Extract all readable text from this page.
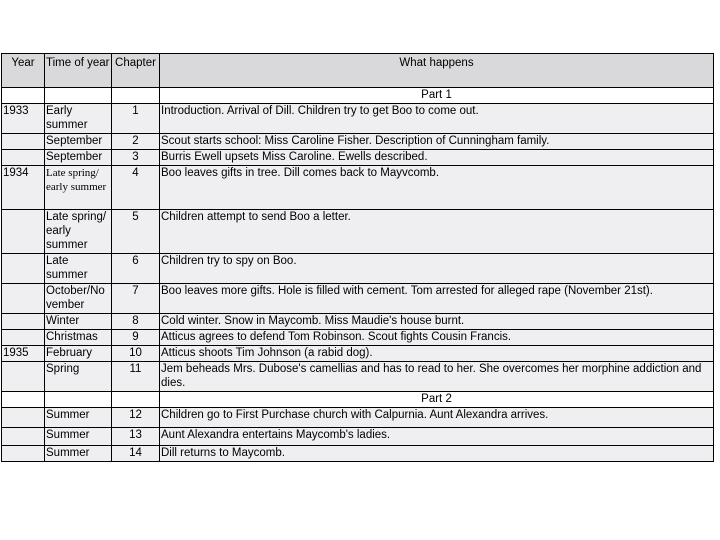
Year	Time of year	Chapter	What happens
			Part 1
1933	Early summer	1	Introduction. Arrival of Dill. Children try to get Boo to come out.
	September	2	Scout starts school: Miss Caroline Fisher. Description of Cunningham family.
	September	3	Burris Ewell upsets Miss Caroline. Ewells described.
1934	Late spring/ early summer	4	Boo leaves gifts in tree. Dill comes back to Mayvcomb.
	Late spring/ early summer	5	Children attempt to send Boo a letter.
	Late summer	6	Children try to spy on Boo.
	October/No vember	7	Boo leaves more gifts. Hole is filled with cement. Tom arrested for alleged rape (November 21st).
	Winter	8	Cold winter. Snow in Maycomb. Miss Maudie's house burnt.
	Christmas	9	Atticus agrees to defend Tom Robinson. Scout fights Cousin Francis.
1935	February	10	Atticus shoots Tim Johnson (a rabid dog).
	Spring	11	Jem beheads Mrs. Dubose's camellias and has to read to her. She overcomes her morphine addiction and dies.
			Part 2
	Summer	12	Children go to First Purchase church with Calpurnia. Aunt Alexandra arrives.
	Summer	13	Aunt Alexandra entertains Maycomb's ladies.
	Summer	14	Dill returns to Maycomb.
